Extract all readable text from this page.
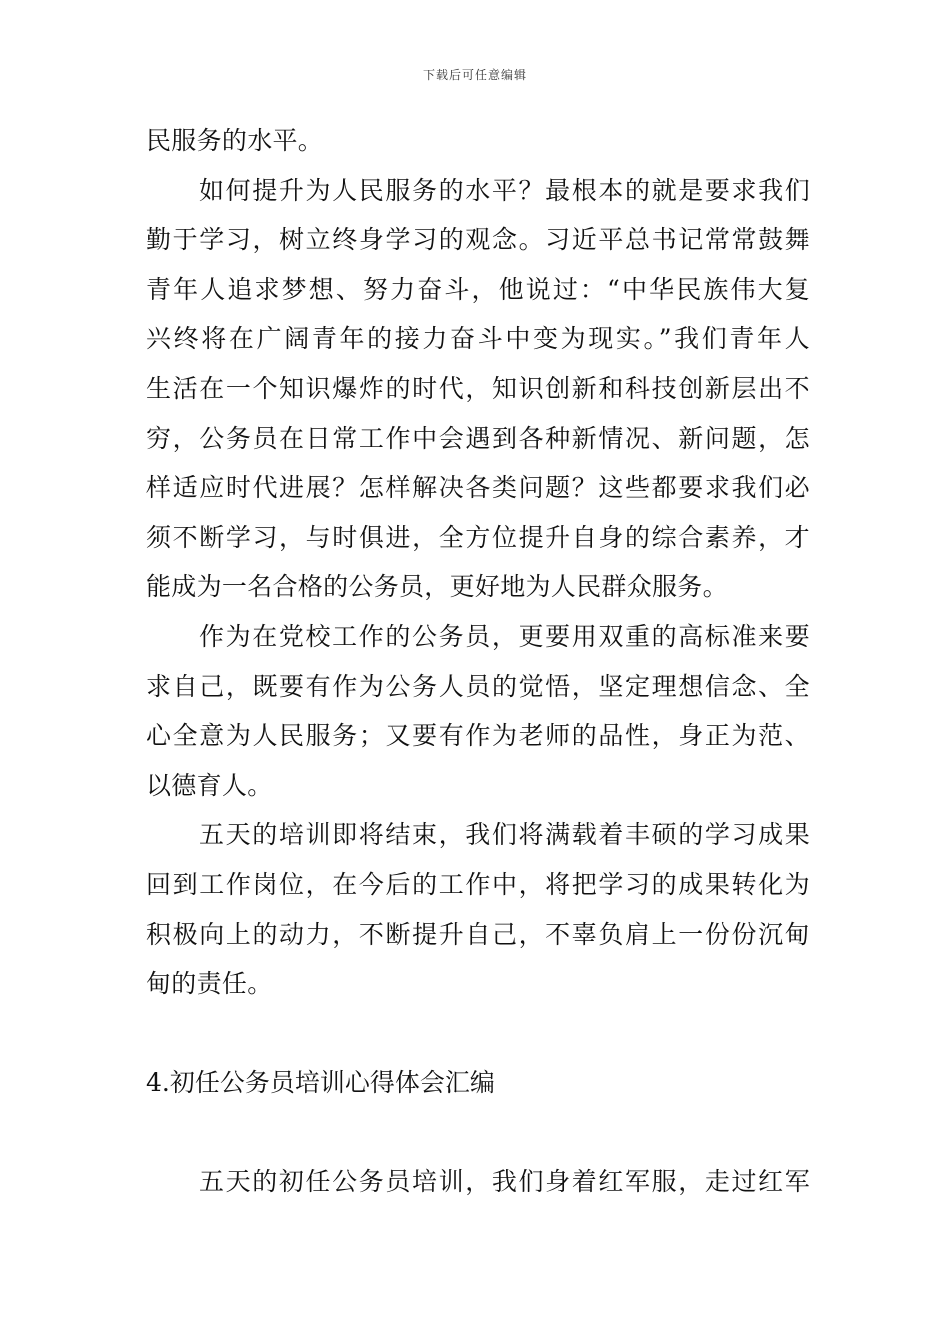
下载后可任意编辑
民服务的水平。
如何提升为人民服务的水平？最根本的就是要求我们
勤于学习，树立终身学习的观念。习近平总书记常常鼓舞
青年人追求梦想、努力奋斗，他说过：“中华民族伟大复
兴终将在广阔青年的接力奋斗中变为现实。”我们青年人
生活在一个知识爆炸的时代，知识创新和科技创新层出不
穷，公务员在日常工作中会遇到各种新情况、新问题，怎
样适应时代进展？怎样解决各类问题？这些都要求我们必
须不断学习，与时俱进，全方位提升自身的综合素养，才
能成为一名合格的公务员，更好地为人民群众服务。
作为在党校工作的公务员，更要用双重的高标准来要
求自己，既要有作为公务人员的觉悟，坚定理想信念、全
心全意为人民服务；又要有作为老师的品性，身正为范、
以德育人。
五天的培训即将结束，我们将满载着丰硕的学习成果
回到工作岗位，在今后的工作中，将把学习的成果转化为
积极向上的动力，不断提升自己，不辜负肩上一份份沉甸
甸的责任。
4.初任公务员培训心得体会汇编
五天的初任公务员培训，我们身着红军服，走过红军
